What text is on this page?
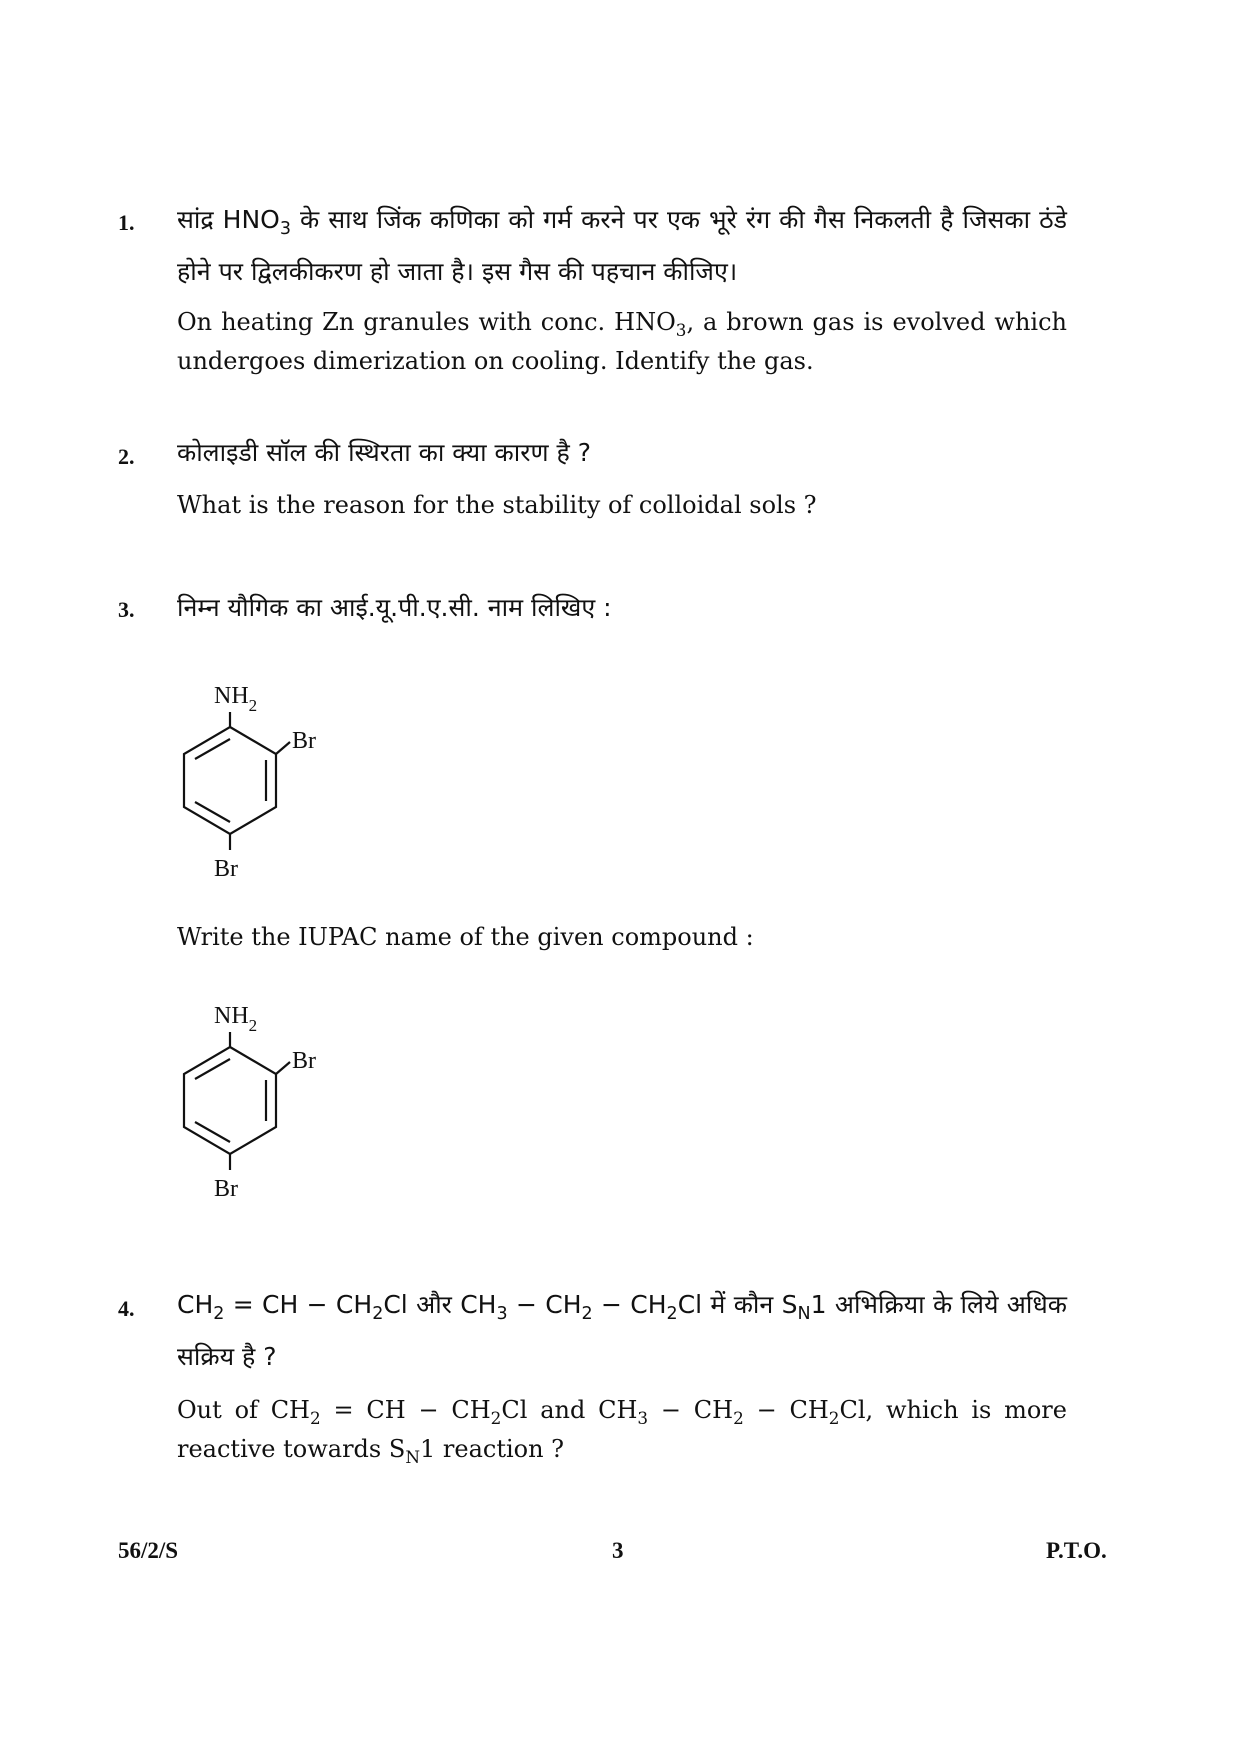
1. सांद्र $HNO_3$ के साथ जिंक कणिका को गर्म करने पर एक भूरे रंग की गैस निकलती है जिसका ठंडे होने पर द्विलकीकरण हो जाता है। इस गैस की पहचान कीजिए।
On heating Zn granules with conc. $HNO_3$, a brown gas is evolved which undergoes dimerization on cooling. Identify the gas.
2. कोलाइडी सॉल की स्थिरता का क्या कारण है ?
What is the reason for the stability of colloidal sols ?
3. निम्न यौगिक का आई.यू.पी.ए.सी. नाम लिखिए :
$NH_2$
Br
Br
Write the IUPAC name of the given compound :
$NH_2$
Br
Br
4. $CH_2$ = CH − $CH_2Cl$ और $CH_3 - CH_2 - CH_2Cl$ में कौन $S_N1$ अभिक्रिया के लिये अधिक सक्रिय है ?
Out of $CH_2$ = CH − $CH_2Cl$ and $CH_3 - CH_2 - CH_2Cl$, which is more reactive towards $S_N1$ reaction ?
56/2/S	3	P.T.O.
